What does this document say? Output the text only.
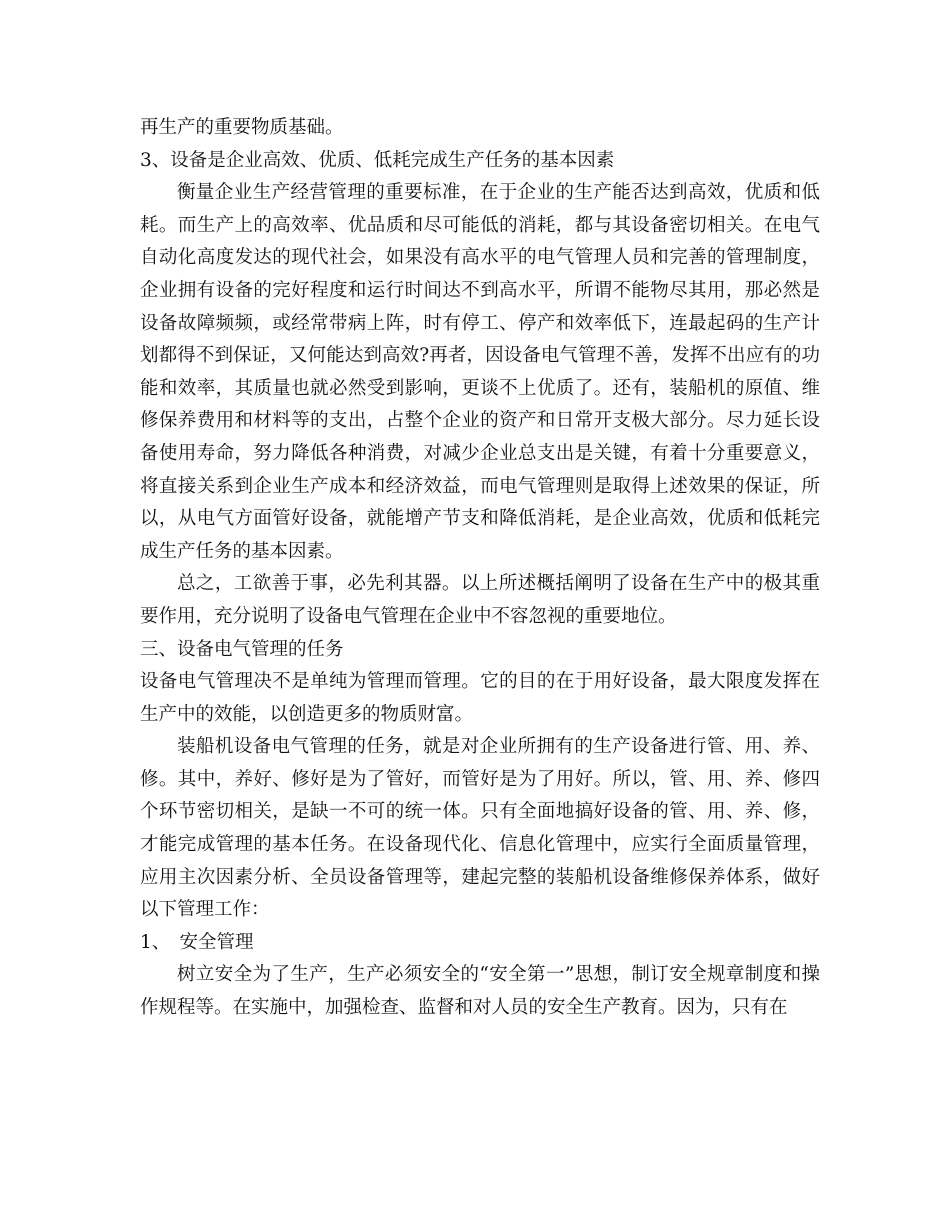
再生产的重要物质基础。

3、设备是企业高效、优质、低耗完成生产任务的基本因素

衡量企业生产经营管理的重要标准，在于企业的生产能否达到高效，优质和低耗。而生产上的高效率、优品质和尽可能低的消耗，都与其设备密切相关。在电气自动化高度发达的现代社会，如果没有高水平的电气管理人员和完善的管理制度，企业拥有设备的完好程度和运行时间达不到高水平，所谓不能物尽其用，那必然是设备故障频频，或经常带病上阵，时有停工、停产和效率低下，连最起码的生产计划都得不到保证，又何能达到高效?再者，因设备电气管理不善，发挥不出应有的功能和效率，其质量也就必然受到影响，更谈不上优质了。还有，装船机的原值、维修保养费用和材料等的支出，占整个企业的资产和日常开支极大部分。尽力延长设备使用寿命，努力降低各种消费，对减少企业总支出是关键，有着十分重要意义，将直接关系到企业生产成本和经济效益，而电气管理则是取得上述效果的保证，所以，从电气方面管好设备，就能增产节支和降低消耗，是企业高效，优质和低耗完成生产任务的基本因素。

总之，工欲善于事，必先利其器。以上所述概括阐明了设备在生产中的极其重要作用，充分说明了设备电气管理在企业中不容忽视的重要地位。

三、设备电气管理的任务

设备电气管理决不是单纯为管理而管理。它的目的在于用好设备，最大限度发挥在生产中的效能，以创造更多的物质财富。

装船机设备电气管理的任务，就是对企业所拥有的生产设备进行管、用、养、修。其中，养好、修好是为了管好，而管好是为了用好。所以，管、用、养、修四个环节密切相关，是缺一不可的统一体。只有全面地搞好设备的管、用、养、修，才能完成管理的基本任务。在设备现代化、信息化管理中，应实行全面质量管理，应用主次因素分析、全员设备管理等，建起完整的装船机设备维修保养体系，做好以下管理工作：

1、　安全管理

树立安全为了生产，生产必须安全的“安全第一”思想，制订安全规章制度和操作规程等。在实施中，加强检查、监督和对人员的安全生产教育。因为，只有在
